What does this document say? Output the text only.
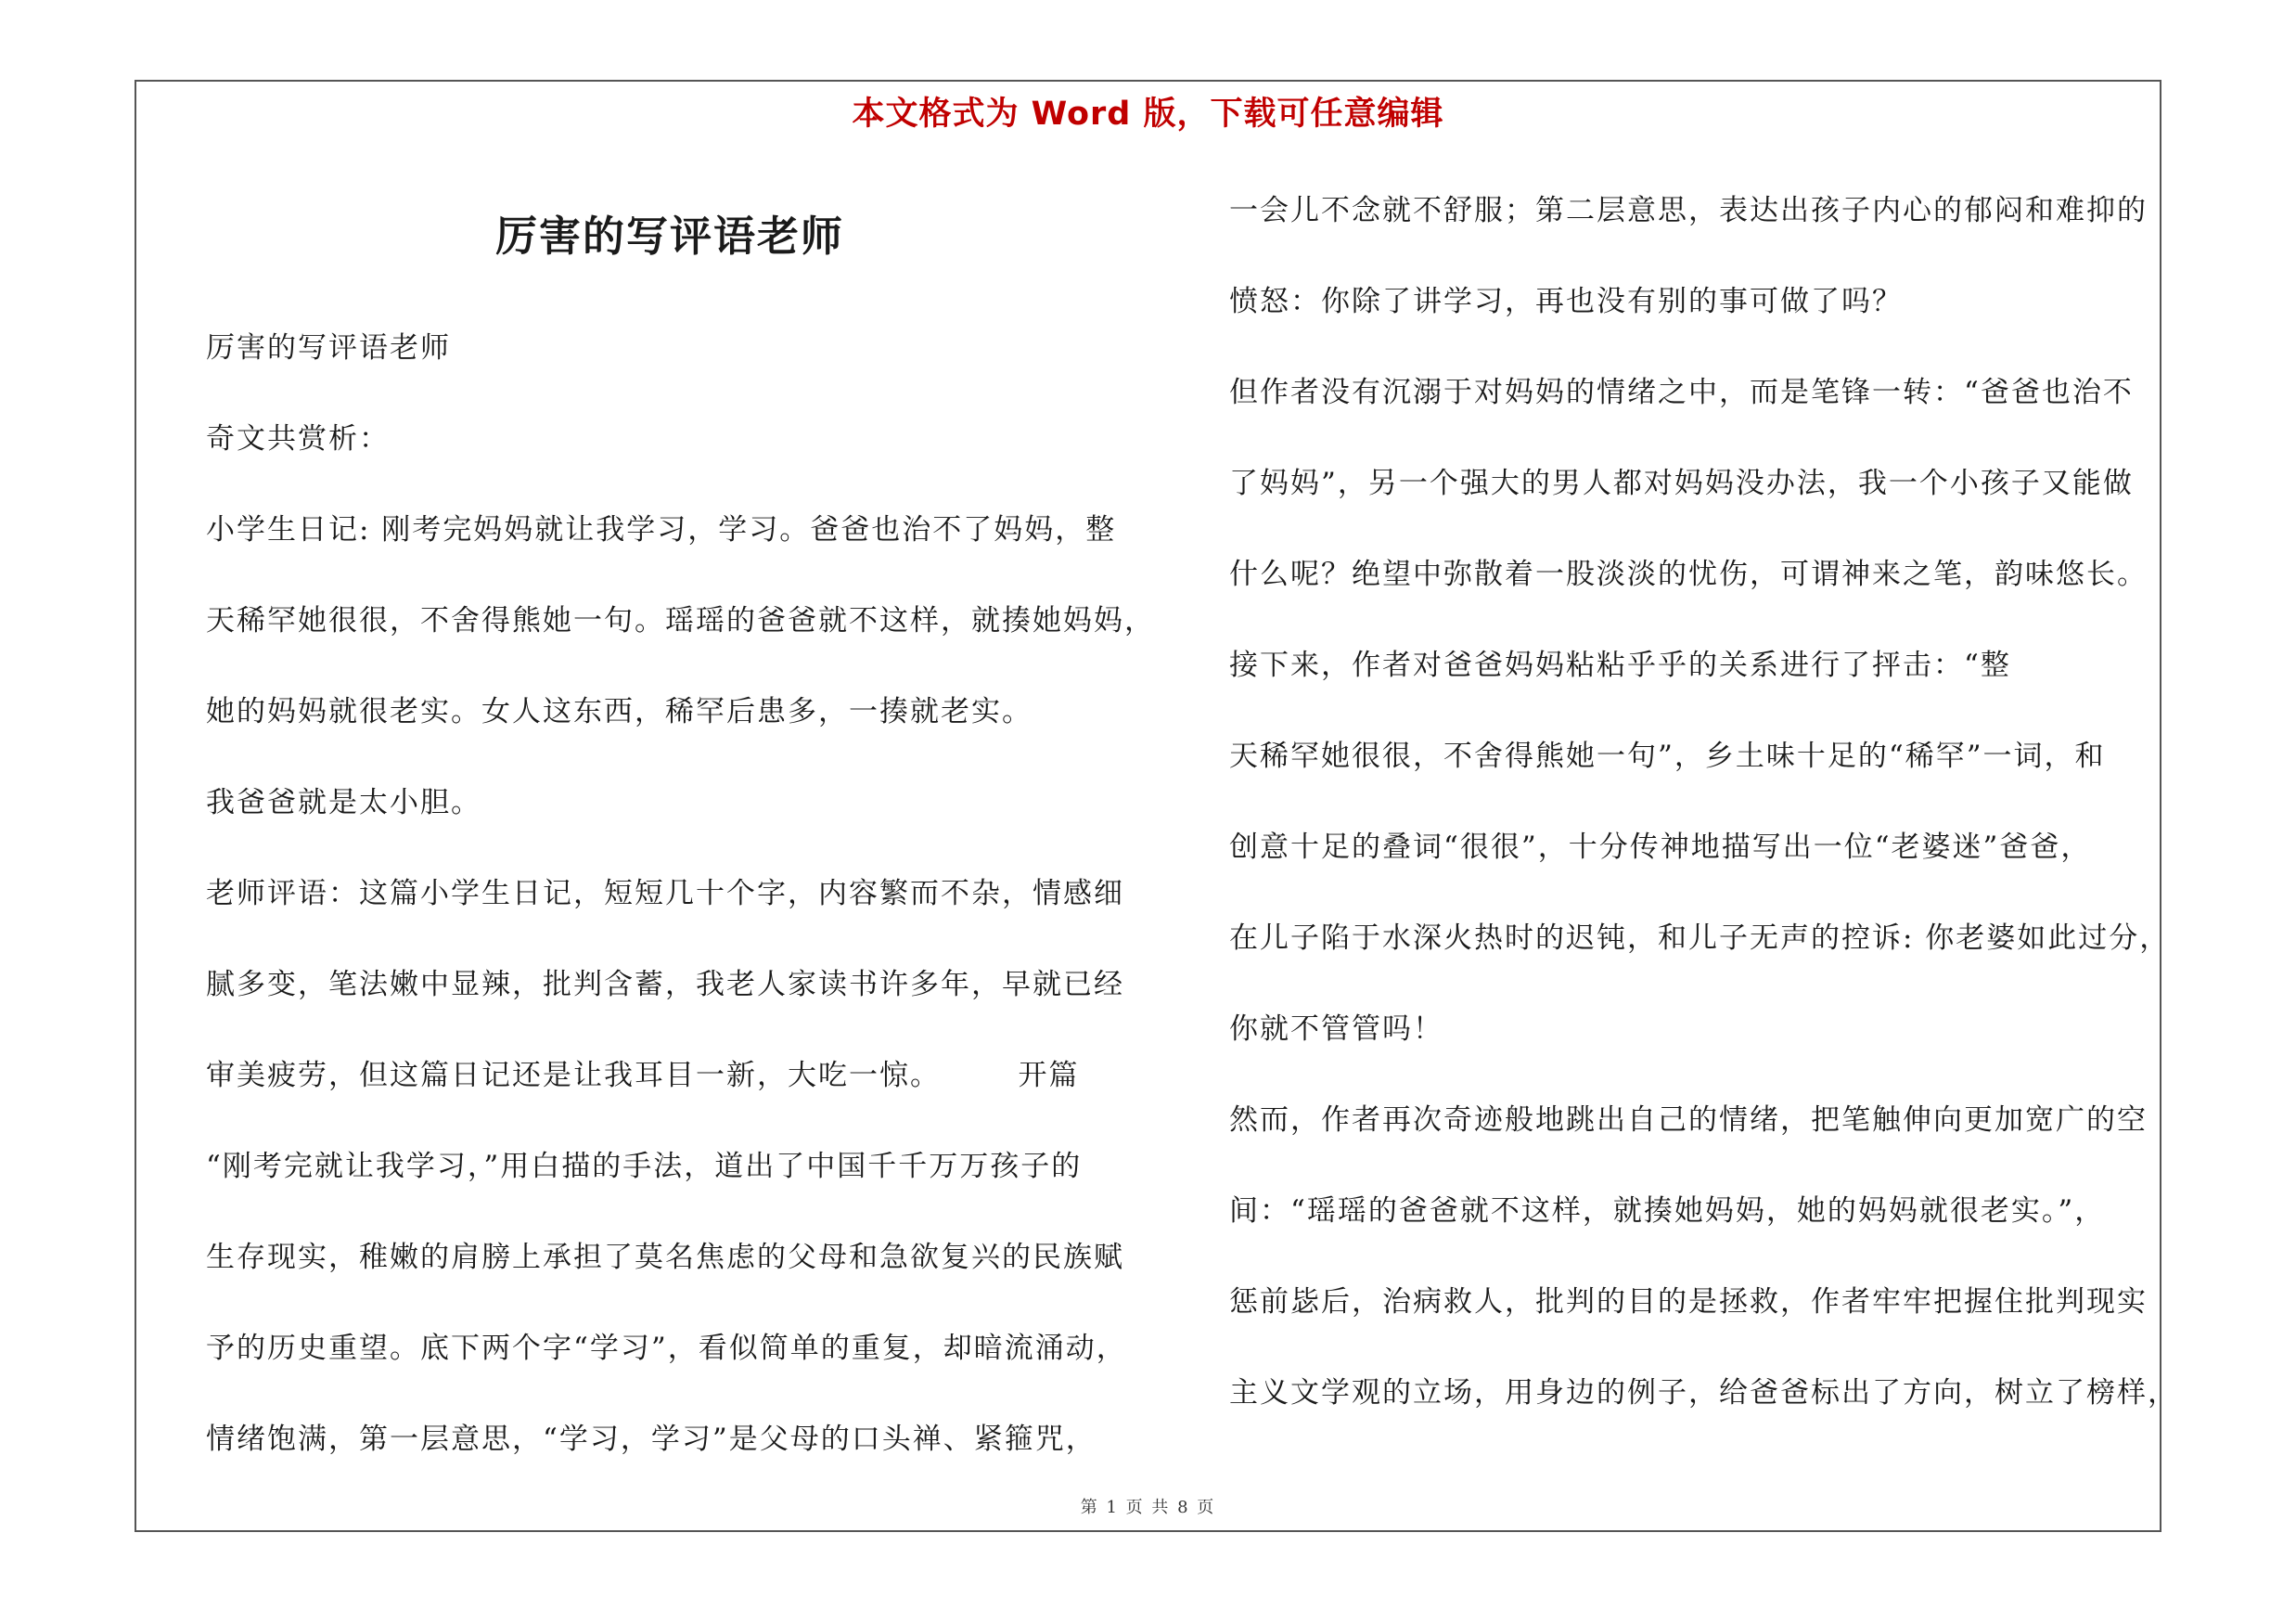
本文格式为 Word 版，下载可任意编辑
厉害的写评语老师

厉害的写评语老师

奇文共赏析：

小学生日记: 刚考完妈妈就让我学习，学习。爸爸也治不了妈妈，整

天稀罕她很很，不舍得熊她一句。瑶瑶的爸爸就不这样，就揍她妈妈，

她的妈妈就很老实。女人这东西，稀罕后患多，一揍就老实。

我爸爸就是太小胆。

老师评语：这篇小学生日记，短短几十个字，内容繁而不杂，情感细

腻多变，笔法嫩中显辣，批判含蓄，我老人家读书许多年，早就已经

审美疲劳，但这篇日记还是让我耳目一新，大吃一惊。　　　开篇

“刚考完就让我学习，”用白描的手法，道出了中国千千万万孩子的

生存现实，稚嫩的肩膀上承担了莫名焦虑的父母和急欲复兴的民族赋

予的历史重望。底下两个字“学习”，看似简单的重复，却暗流涌动，

情绪饱满，第一层意思，“学习，学习”是父母的口头禅、紧箍咒，

一会儿不念就不舒服；第二层意思，表达出孩子内心的郁闷和难抑的

愤怒：你除了讲学习，再也没有别的事可做了吗？

但作者没有沉溺于对妈妈的情绪之中，而是笔锋一转：“爸爸也治不

了妈妈”，另一个强大的男人都对妈妈没办法，我一个小孩子又能做

什么呢？绝望中弥散着一股淡淡的忧伤，可谓神来之笔，韵味悠长。

接下来，作者对爸爸妈妈粘粘乎乎的关系进行了抨击：“整

天稀罕她很很，不舍得熊她一句”，乡土味十足的“稀罕”一词，和

创意十足的叠词“很很”，十分传神地描写出一位“老婆迷”爸爸，

在儿子陷于水深火热时的迟钝，和儿子无声的控诉: 你老婆如此过分，

你就不管管吗！

然而，作者再次奇迹般地跳出自己的情绪，把笔触伸向更加宽广的空

间：“瑶瑶的爸爸就不这样，就揍她妈妈，她的妈妈就很老实。”，

惩前毖后，治病救人，批判的目的是拯救，作者牢牢把握住批判现实

主义文学观的立场，用身边的例子，给爸爸标出了方向，树立了榜样，

第 1 页 共 8 页
